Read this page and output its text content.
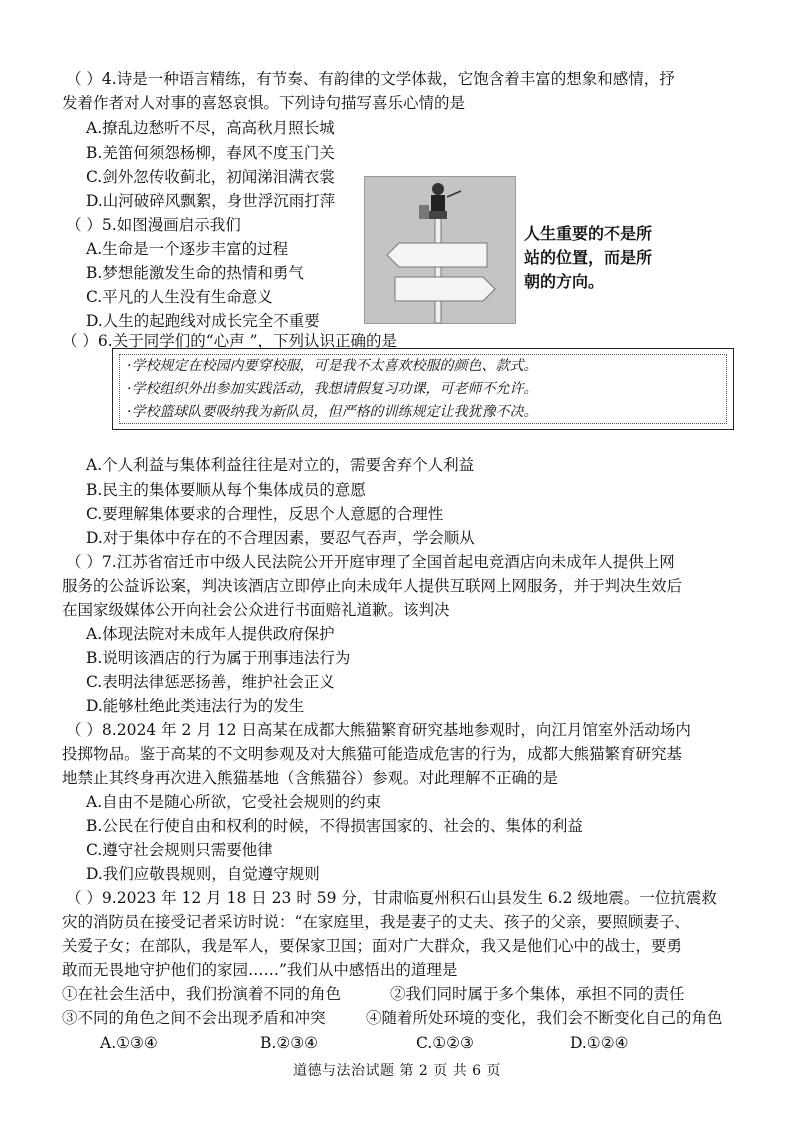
（ ）4.诗是一种语言精练，有节奏、有韵律的文学体裁，它饱含着丰富的想象和感情，抒
发着作者对人对事的喜怒哀惧。下列诗句描写喜乐心情的是
A.撩乱边愁听不尽，高高秋月照长城
B.羌笛何须怨杨柳，春风不度玉门关
C.剑外忽传收蓟北，初闻涕泪满衣裳
D.山河破碎风飘絮，身世浮沉雨打萍
（ ）5.如图漫画启示我们
A.生命是一个逐步丰富的过程
B.梦想能激发生命的热情和勇气
C.平凡的人生没有生命意义
D.人生的起跑线对成长完全不重要
人生重要的不是所
站的位置，而是所
朝的方向。
（ ）6.关于同学们的“心声 ”，下列认识正确的是
·学校规定在校园内要穿校服，可是我不太喜欢校服的颜色、款式。
·学校组织外出参加实践活动，我想请假复习功课，可老师不允许。
·学校篮球队要吸纳我为新队员，但严格的训练规定让我犹豫不决。
A.个人利益与集体利益往往是对立的，需要舍弃个人利益
B.民主的集体要顺从每个集体成员的意愿
C.要理解集体要求的合理性，反思个人意愿的合理性
D.对于集体中存在的不合理因素，要忍气吞声，学会顺从
（ ）7.江苏省宿迁市中级人民法院公开开庭审理了全国首起电竞酒店向未成年人提供上网
服务的公益诉讼案，判决该酒店立即停止向未成年人提供互联网上网服务，并于判决生效后
在国家级媒体公开向社会公众进行书面赔礼道歉。该判决
A.体现法院对未成年人提供政府保护
B.说明该酒店的行为属于刑事违法行为
C.表明法律惩恶扬善，维护社会正义
D.能够杜绝此类违法行为的发生
（ ）8.2024 年 2 月 12 日高某在成都大熊猫繁育研究基地参观时，向江月馆室外活动场内
投掷物品。鉴于高某的不文明参观及对大熊猫可能造成危害的行为，成都大熊猫繁育研究基
地禁止其终身再次进入熊猫基地（含熊猫谷）参观。对此理解不正确的是
A.自由不是随心所欲，它受社会规则的约束
B.公民在行使自由和权利的时候，不得损害国家的、社会的、集体的利益
C.遵守社会规则只需要他律
D.我们应敬畏规则，自觉遵守规则
（ ）9.2023 年 12 月 18 日 23 时 59 分，甘肃临夏州积石山县发生 6.2 级地震。一位抗震救
灾的消防员在接受记者采访时说：“在家庭里，我是妻子的丈夫、孩子的父亲，要照顾妻子、
关爱子女；在部队，我是军人，要保家卫国；面对广大群众，我又是他们心中的战士，要勇
敢而无畏地守护他们的家园……”我们从中感悟出的道理是
①在社会生活中，我们扮演着不同的角色	②我们同时属于多个集体，承担不同的责任
③不同的角色之间不会出现矛盾和冲突	④随着所处环境的变化，我们会不断变化自己的角色
A.①③④	B.②③④	C.①②③	D.①②④
道德与法治试题 第 2 页 共 6 页
